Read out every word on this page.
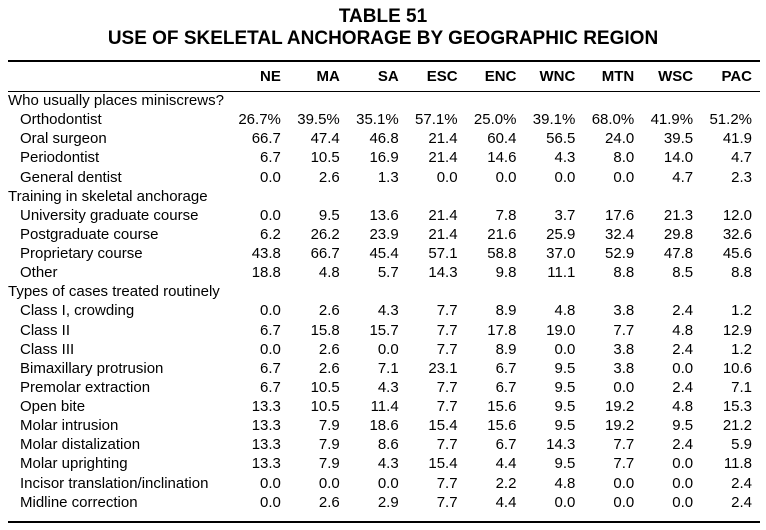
TABLE 51
USE OF SKELETAL ANCHORAGE BY GEOGRAPHIC REGION
	NE	MA	SA	ESC	ENC	WNC	MTN	WSC	PAC
Who usually places miniscrews?									
Orthodontist	26.7%	39.5%	35.1%	57.1%	25.0%	39.1%	68.0%	41.9%	51.2%
Oral surgeon	66.7	47.4	46.8	21.4	60.4	56.5	24.0	39.5	41.9
Periodontist	6.7	10.5	16.9	21.4	14.6	4.3	8.0	14.0	4.7
General dentist	0.0	2.6	1.3	0.0	0.0	0.0	0.0	4.7	2.3
Training in skeletal anchorage									
University graduate course	0.0	9.5	13.6	21.4	7.8	3.7	17.6	21.3	12.0
Postgraduate course	6.2	26.2	23.9	21.4	21.6	25.9	32.4	29.8	32.6
Proprietary course	43.8	66.7	45.4	57.1	58.8	37.0	52.9	47.8	45.6
Other	18.8	4.8	5.7	14.3	9.8	11.1	8.8	8.5	8.8
Types of cases treated routinely									
Class I, crowding	0.0	2.6	4.3	7.7	8.9	4.8	3.8	2.4	1.2
Class II	6.7	15.8	15.7	7.7	17.8	19.0	7.7	4.8	12.9
Class III	0.0	2.6	0.0	7.7	8.9	0.0	3.8	2.4	1.2
Bimaxillary protrusion	6.7	2.6	7.1	23.1	6.7	9.5	3.8	0.0	10.6
Premolar extraction	6.7	10.5	4.3	7.7	6.7	9.5	0.0	2.4	7.1
Open bite	13.3	10.5	11.4	7.7	15.6	9.5	19.2	4.8	15.3
Molar intrusion	13.3	7.9	18.6	15.4	15.6	9.5	19.2	9.5	21.2
Molar distalization	13.3	7.9	8.6	7.7	6.7	14.3	7.7	2.4	5.9
Molar uprighting	13.3	7.9	4.3	15.4	4.4	9.5	7.7	0.0	11.8
Incisor translation/inclination	0.0	0.0	0.0	7.7	2.2	4.8	0.0	0.0	2.4
Midline correction	0.0	2.6	2.9	7.7	4.4	0.0	0.0	0.0	2.4
